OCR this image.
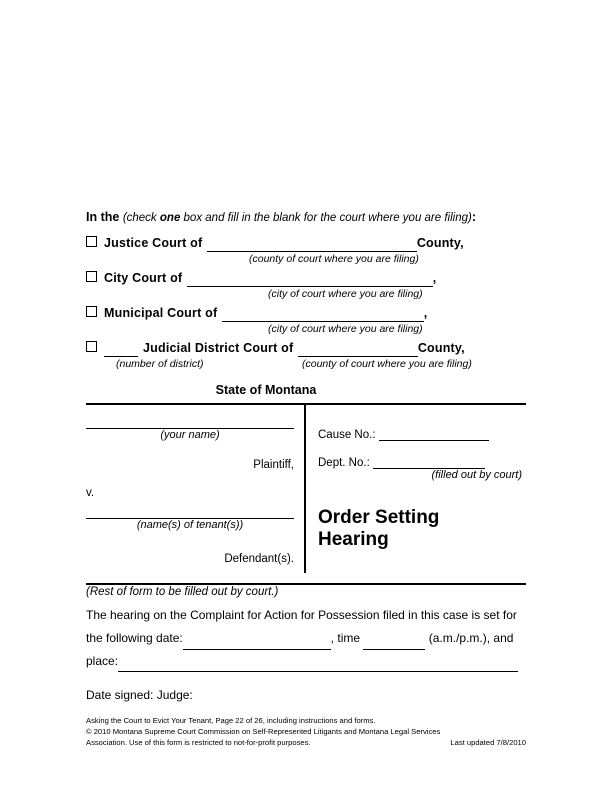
In the (check one box and fill in the blank for the court where you are filing):
Justice Court of	County,
(county of court where you are filing)
City Court of	,
(city of court where you are filing)
Municipal Court of	,
(city of court where you are filing)
Judicial District Court of	County,
(number of district)	(county of court where you are filing)
State of Montana
(your name)
Plaintiff,
v.
(name(s) of tenant(s))
Defendant(s).
Cause No.:
Dept. No.:
(filled out by court)
Order Setting
Hearing
(Rest of form to be filled out by court.)
The hearing on the Complaint for Action for Possession filed in this case is set for
the following date:	, time	(a.m./p.m.), and
place:
Date signed: Judge:
Asking the Court to Evict Your Tenant, Page 22 of 26, including instructions and forms.
© 2010 Montana Supreme Court Commission on Self-Represented Litigants and Montana Legal Services
Last updated 7/8/2010
Association. Use of this form is restricted to not-for-profit purposes.
